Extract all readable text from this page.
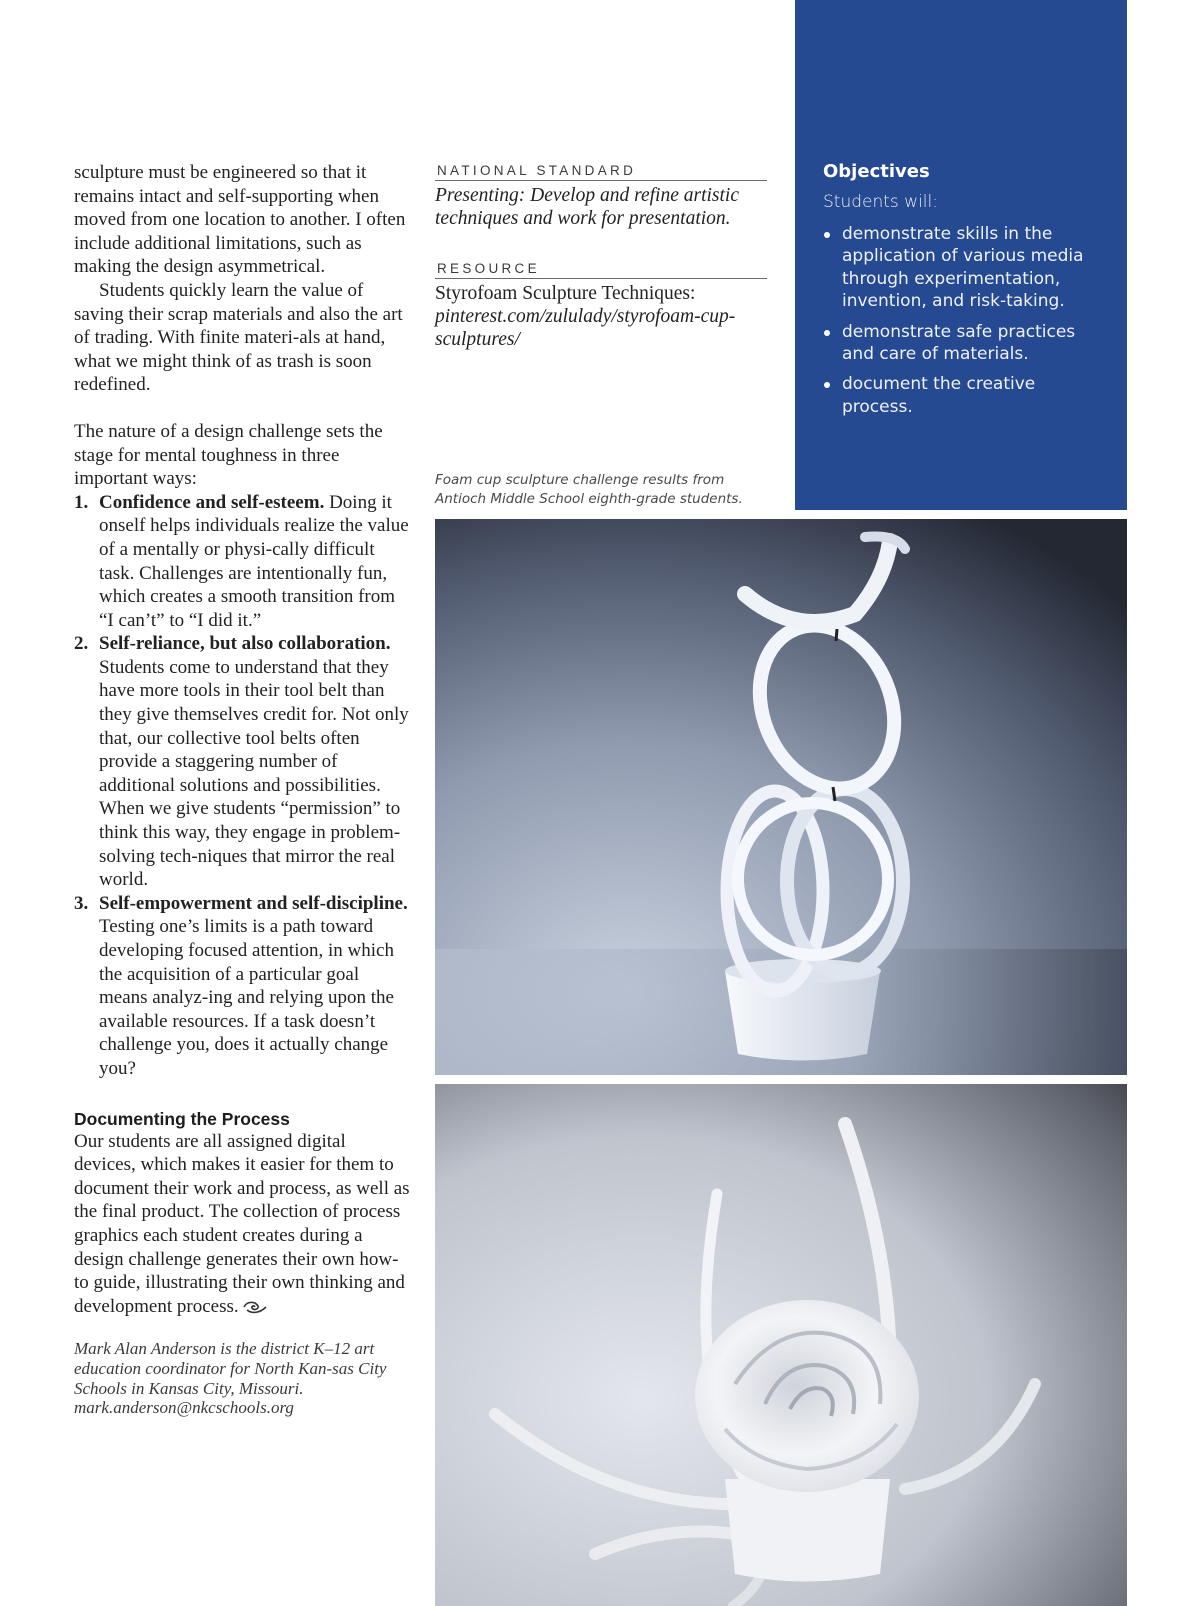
sculpture must be engineered so that it remains intact and self-supporting when moved from one location to another. I often include additional limitations, such as making the design asymmetrical.

Students quickly learn the value of saving their scrap materials and also the art of trading. With finite materi-als at hand, what we might think of as trash is soon redefined.

The nature of a design challenge sets the stage for mental toughness in three important ways:

1. Confidence and self-esteem. Doing it onself helps individuals realize the value of a mentally or physi-cally difficult task. Challenges are intentionally fun, which creates a smooth transition from “I can’t” to “I did it.”
2. Self-reliance, but also collaboration. Students come to understand that they have more tools in their tool belt than they give themselves credit for. Not only that, our collective tool belts often provide a staggering number of additional solutions and possibilities. When we give students “permission” to think this way, they engage in problem-solving tech-niques that mirror the real world.
3. Self-empowerment and self-discipline. Testing one’s limits is a path toward developing focused attention, in which the acquisition of a particular goal means analyz-ing and relying upon the available resources. If a task doesn’t challenge you, does it actually change you?
Documenting the Process

Our students are all assigned digital devices, which makes it easier for them to document their work and process, as well as the final product. The collection of process graphics each student creates during a design challenge generates their own how-to guide, illustrating their own thinking and development process.

Mark Alan Anderson is the district K–12 art education coordinator for North Kan-sas City Schools in Kansas City, Missouri. mark.anderson@nkcschools.org

NATIONAL STANDARD
Presenting: Develop and refine artistic techniques and work for presentation.
RESOURCE
Styrofoam Sculpture Techniques:
pinterest.com/zululady/styrofoam-cup-sculptures/
Foam cup sculpture challenge results from Antioch Middle School eighth-grade students.
Objectives
Students will:
demonstrate skills in the application of various media through experimentation, invention, and risk-taking.
demonstrate safe practices and care of materials.
document the creative process.
